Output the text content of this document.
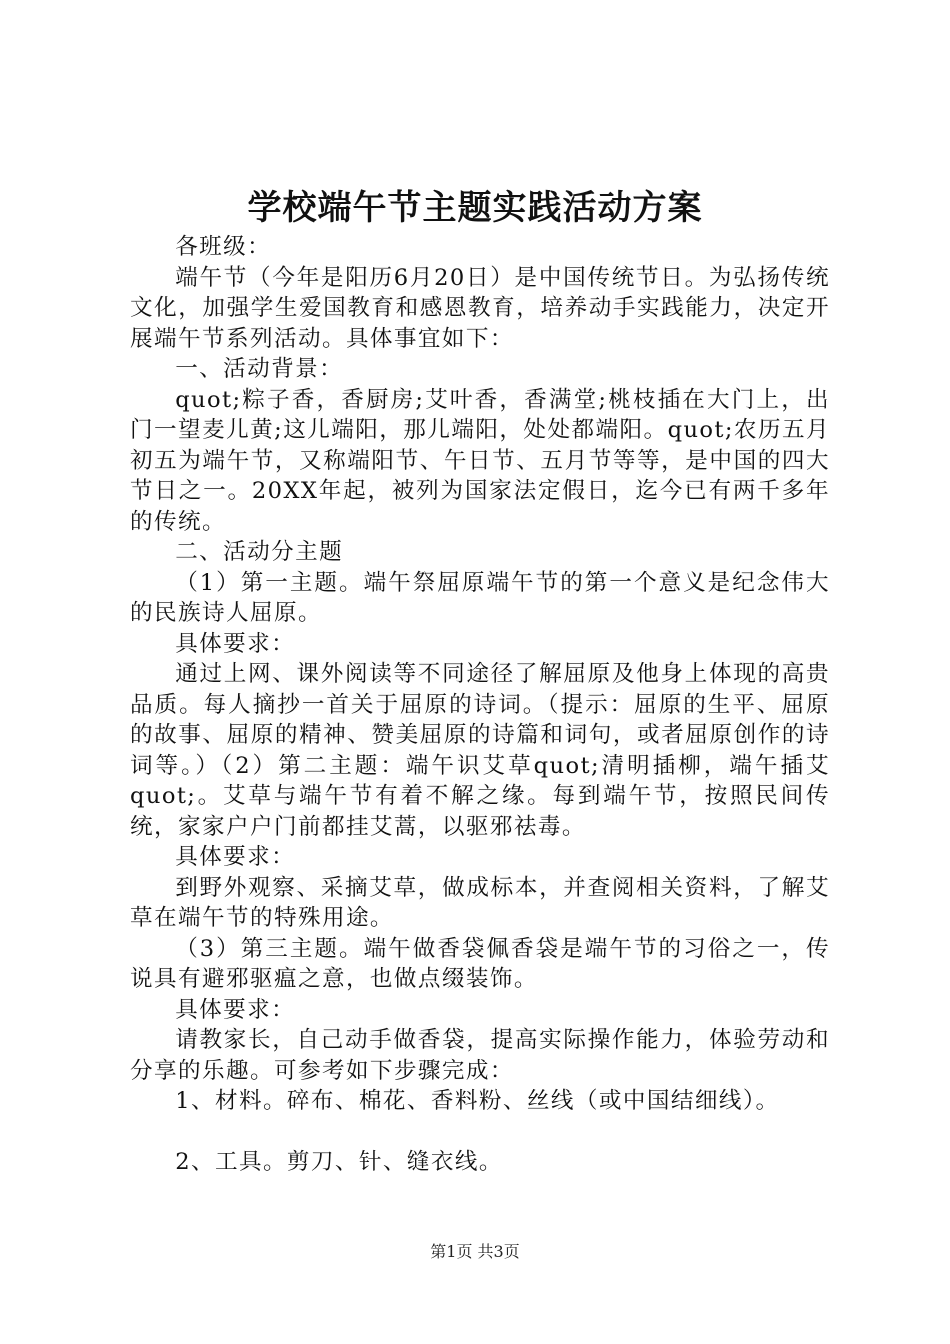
学校端午节主题实践活动方案

各班级：

端午节（今年是阳历6月20日）是中国传统节日。为弘扬传统文化，加强学生爱国教育和感恩教育，培养动手实践能力，决定开展端午节系列活动。具体事宜如下：

一、活动背景：

quot;粽子香，香厨房;艾叶香，香满堂;桃枝插在大门上，出门一望麦儿黄;这儿端阳，那儿端阳，处处都端阳。quot;农历五月初五为端午节，又称端阳节、午日节、五月节等等，是中国的四大节日之一。20XX年起，被列为国家法定假日，迄今已有两千多年的传统。

二、活动分主题

（1）第一主题。端午祭屈原端午节的第一个意义是纪念伟大的民族诗人屈原。

具体要求：

通过上网、课外阅读等不同途径了解屈原及他身上体现的高贵品质。每人摘抄一首关于屈原的诗词。（提示：屈原的生平、屈原的故事、屈原的精神、赞美屈原的诗篇和词句，或者屈原创作的诗词等。）（2）第二主题：端午识艾草quot;清明插柳，端午插艾quot;。艾草与端午节有着不解之缘。每到端午节，按照民间传统，家家户户门前都挂艾蒿，以驱邪祛毒。

具体要求：

到野外观察、采摘艾草，做成标本，并查阅相关资料，了解艾草在端午节的特殊用途。

（3）第三主题。端午做香袋佩香袋是端午节的习俗之一，传说具有避邪驱瘟之意，也做点缀装饰。

具体要求：

请教家长，自己动手做香袋，提高实际操作能力，体验劳动和分享的乐趣。可参考如下步骤完成：

1、材料。碎布、棉花、香料粉、丝线（或中国结细线）。

2、工具。剪刀、针、缝衣线。

第1页 共3页
